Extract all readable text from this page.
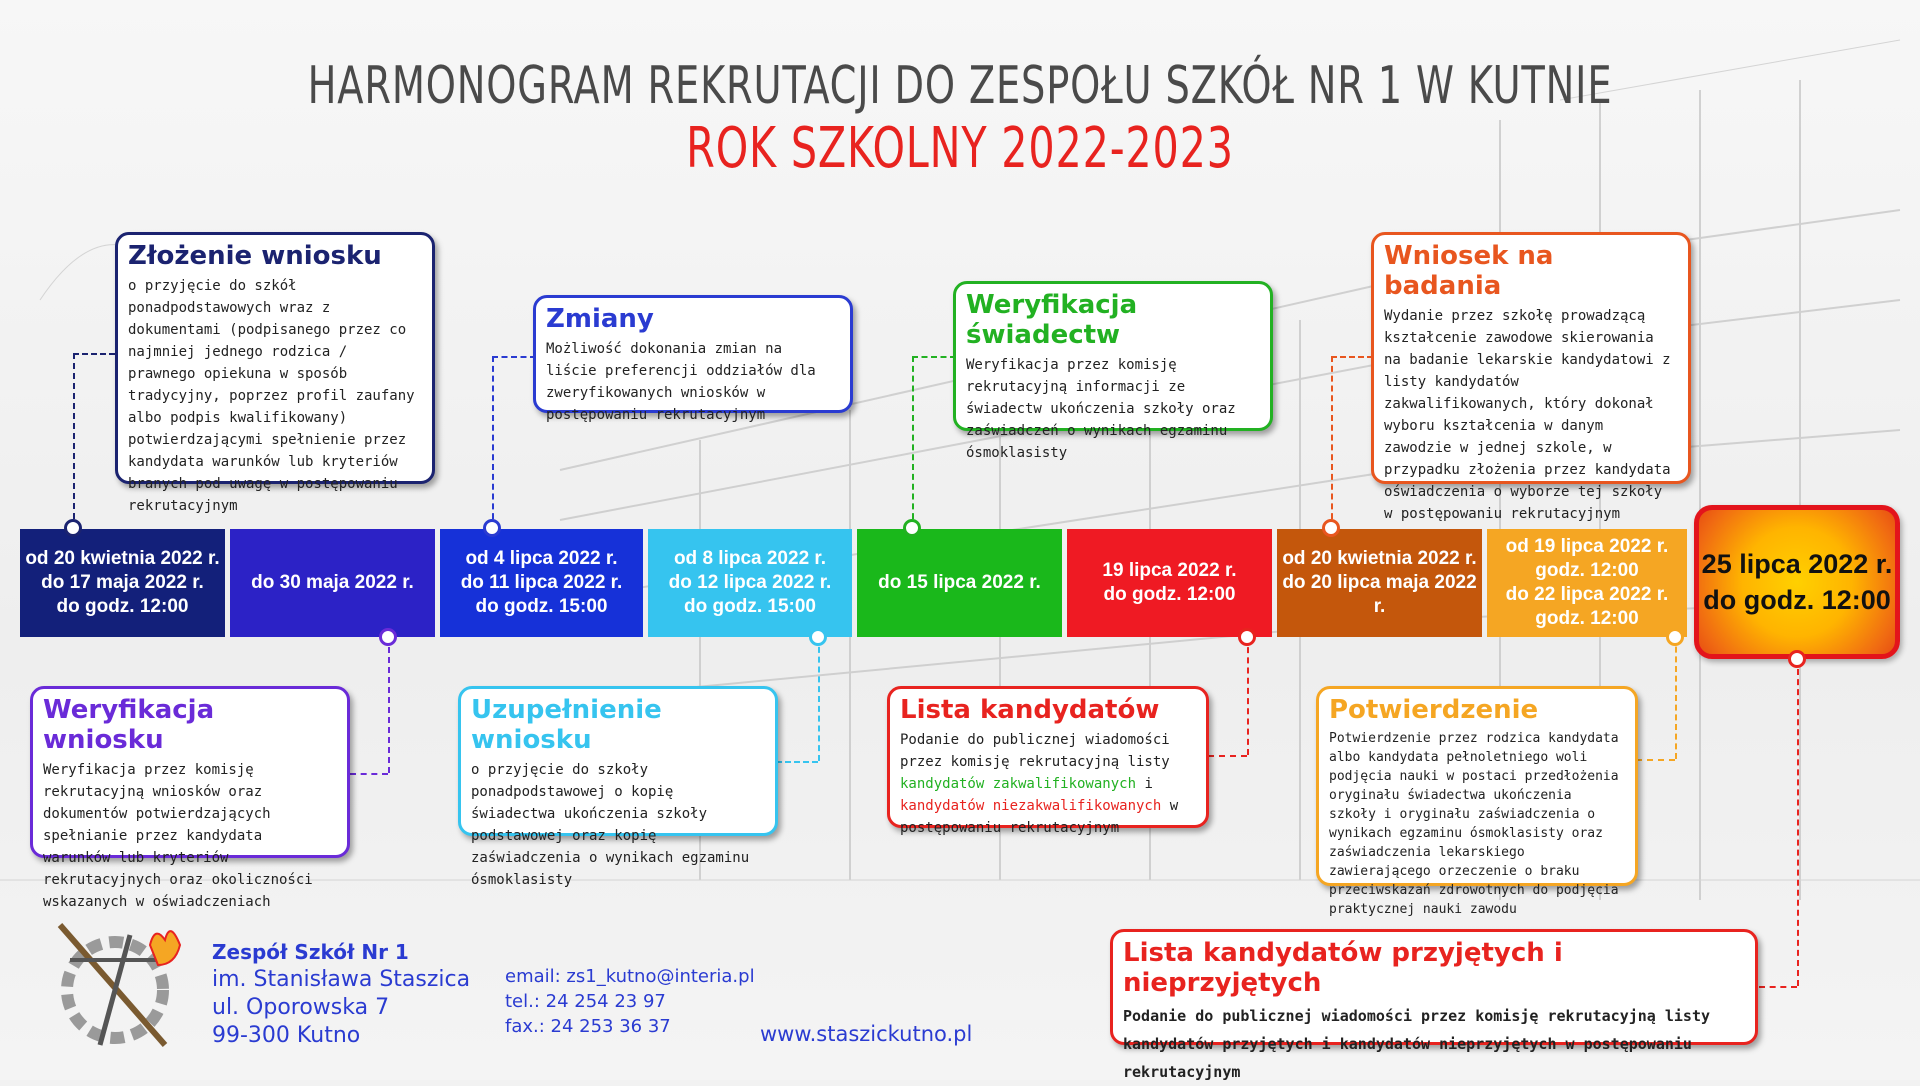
HARMONOGRAM REKRUTACJI DO ZESPOŁU SZKÓŁ NR 1 W KUTNIE
ROK SZKOLNY 2022-2023
od 20 kwietnia 2022 r.
do 17 maja 2022 r.
do godz. 12:00
do 30 maja 2022 r.
od 4 lipca 2022 r.
do 11 lipca 2022 r.
do godz. 15:00
od 8 lipca 2022 r.
do 12 lipca 2022 r.
do godz. 15:00
do 15 lipca 2022 r.
19 lipca 2022 r.
do godz. 12:00
od 20 kwietnia 2022 r.
do 20 lipca maja 2022 r.
od 19 lipca 2022 r.
godz. 12:00
do 22 lipca 2022 r.
godz. 12:00
25 lipca 2022 r.
do godz. 12:00
Złożenie wniosku

o przyjęcie do szkół ponadpodstawowych wraz z dokumentami (podpisanego przez co najmniej jednego rodzica / prawnego opiekuna w sposób tradycyjny, poprzez profil zaufany albo podpis kwalifikowany) potwierdzającymi spełnienie przez kandydata warunków lub kryteriów branych pod uwagę w postępowaniu rekrutacyjnym

Zmiany

Możliwość dokonania zmian na liście preferencji oddziałów dla zweryfikowanych wniosków w postępowaniu rekrutacyjnym

Weryfikacja świadectw

Weryfikacja przez komisję rekrutacyjną informacji ze świadectw ukończenia szkoły oraz zaświadczeń o wynikach egzaminu ósmoklasisty

Wniosek na badania

Wydanie przez szkołę prowadzącą kształcenie zawodowe skierowania na badanie lekarskie kandydatowi z listy kandydatów zakwalifikowanych, który dokonał wyboru kształcenia w danym zawodzie w jednej szkole, w przypadku złożenia przez kandydata oświadczenia o wyborze tej szkoły w postępowaniu rekrutacyjnym

Weryfikacja wniosku

Weryfikacja przez komisję rekrutacyjną wniosków oraz dokumentów potwierdzających spełnianie przez kandydata warunków lub kryteriów rekrutacyjnych oraz okoliczności wskazanych w oświadczeniach

Uzupełnienie wniosku

o przyjęcie do szkoły ponadpodstawowej o kopię świadectwa ukończenia szkoły podstawowej oraz kopię zaświadczenia o wynikach egzaminu ósmoklasisty

Lista kandydatów

Podanie do publicznej wiadomości przez komisję rekrutacyjną listy kandydatów zakwalifikowanych i kandydatów niezakwalifikowanych w postępowaniu rekrutacyjnym

Potwierdzenie

Potwierdzenie przez rodzica kandydata albo kandydata pełnoletniego woli podjęcia nauki w postaci przedłożenia oryginału świadectwa ukończenia szkoły i oryginału zaświadczenia o wynikach egzaminu ósmoklasisty oraz zaświadczenia lekarskiego zawierającego orzeczenie o braku przeciwskazań zdrowotnych do podjęcia praktycznej nauki zawodu

Lista kandydatów przyjętych i nieprzyjętych

Podanie do publicznej wiadomości przez komisję rekrutacyjną listy kandydatów przyjętych i kandydatów nieprzyjętych w postępowaniu rekrutacyjnym

Zespół Szkół Nr 1
im. Stanisława Staszica
ul. Oporowska 7
99-300 Kutno
email: zs1_kutno@interia.pl
tel.: 24 254 23 97
fax.: 24 253 36 37	www.staszickutno.pl
